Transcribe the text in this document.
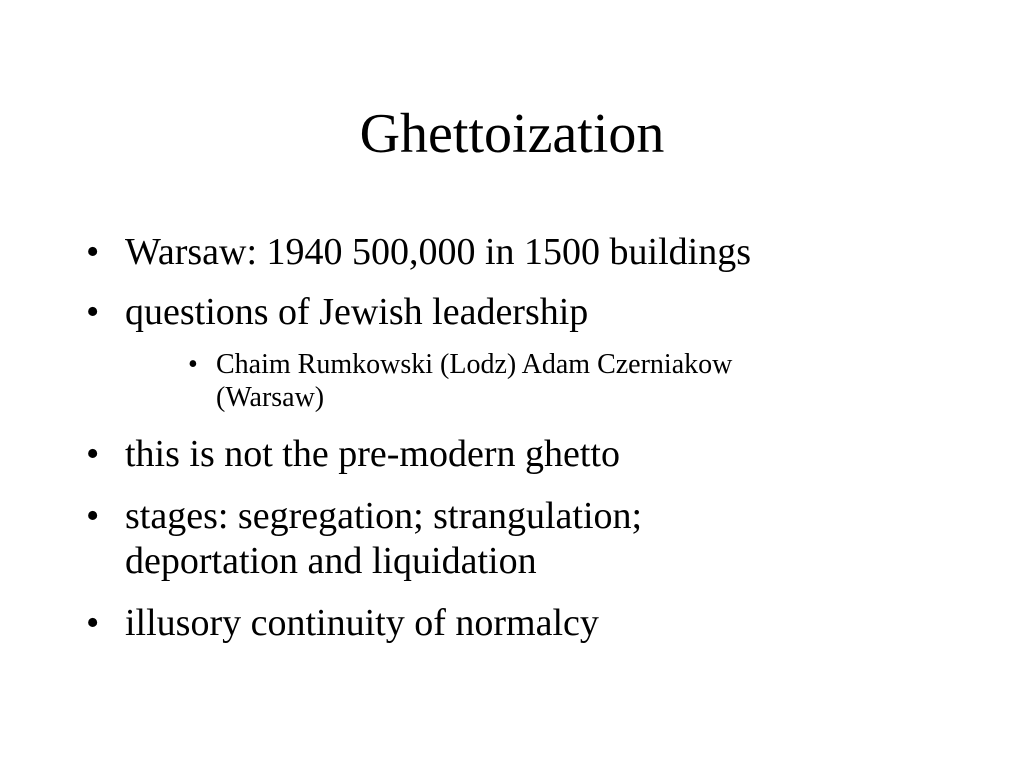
Ghettoization
• Warsaw: 1940 500,000 in 1500 buildings
• questions of Jewish leadership
• Chaim Rumkowski (Lodz) Adam Czerniakow
(Warsaw)
• this is not the pre-modern ghetto
• stages: segregation; strangulation;
deportation and liquidation
• illusory continuity of normalcy
